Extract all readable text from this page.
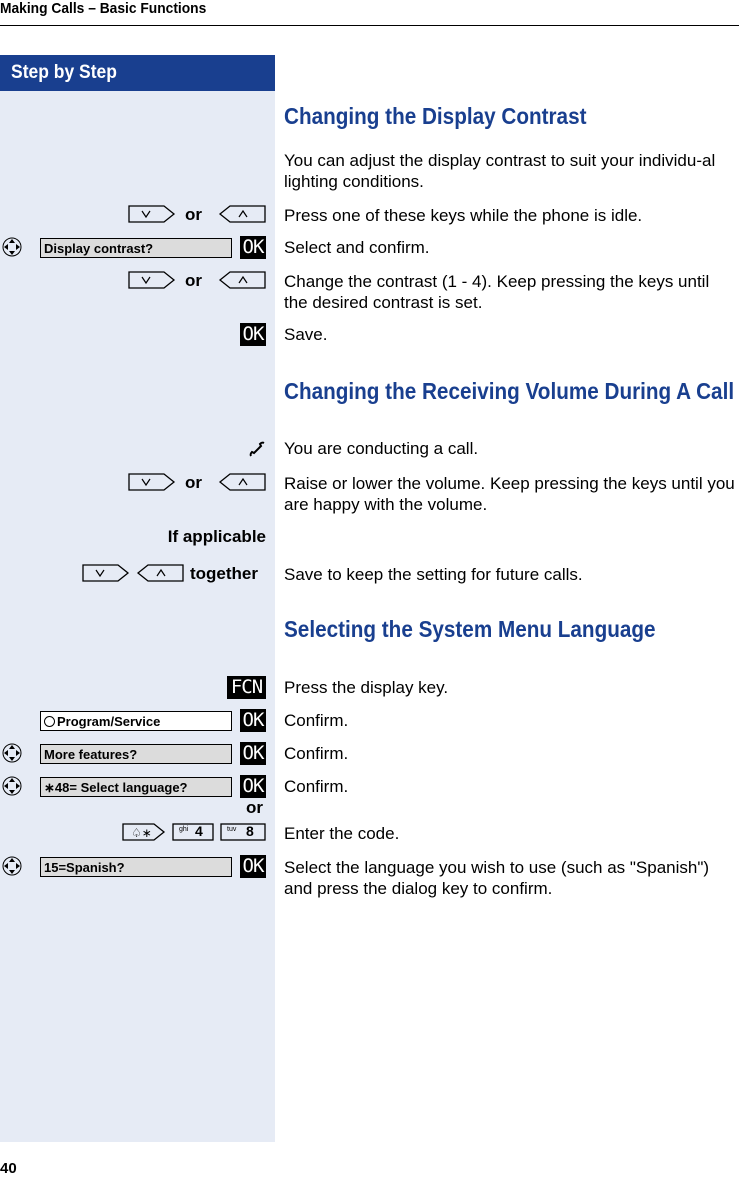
Making Calls – Basic Functions
Step by Step
Changing the Display Contrast
You can adjust the display contrast to suit your individu-al lighting conditions.
or	Press one of these keys while the phone is idle.
Display contrast?	OK Select and confirm.
or	Change the contrast (1 - 4). Keep pressing the keys until the desired contrast is set.
OK Save.
Changing the Receiving Volume During A Call
You are conducting a call.
or	Raise or lower the volume. Keep pressing the keys until you are happy with the volume.
If applicable
together Save to keep the setting for future calls.
Selecting the System Menu Language
FCN Press the display key.
Program/Service	OK Confirm.
More features?	OK Confirm.
∗48= Select language?	OK Confirm.
or
♤∗	ghi 4	tuv 8 Enter the code.
15=Spanish?	OK Select the language you wish to use (such as "Spanish") and press the dialog key to confirm.
40
